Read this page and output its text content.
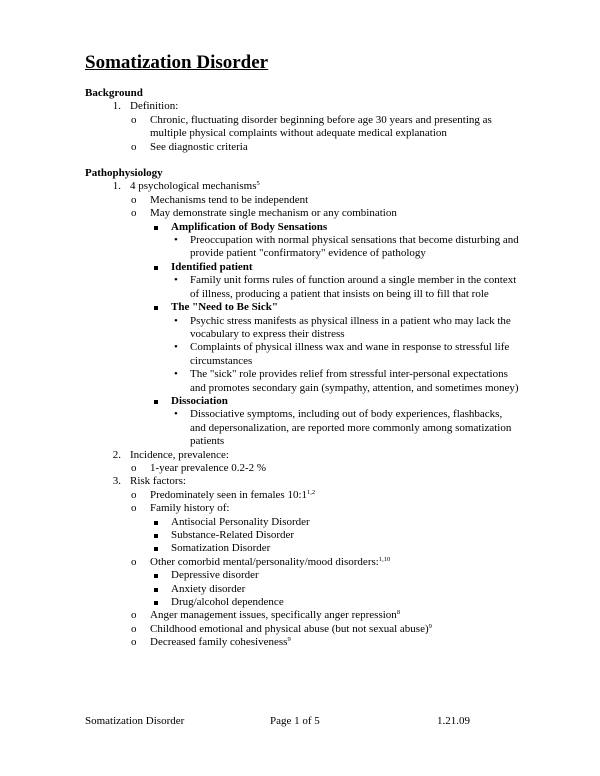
Somatization Disorder

Background

1. Definition:
o Chronic, fluctuating disorder beginning before age 30 years and presenting as multiple physical complaints without adequate medical explanation
o See diagnostic criteria

Pathophysiology

1. 4 psychological mechanisms$^5$
o Mechanisms tend to be independent
o May demonstrate single mechanism or any combination
Amplification of Body Sensations
• Preoccupation with normal physical sensations that become disturbing and provide patient "confirmatory" evidence of pathology
Identified patient
• Family unit forms rules of function around a single member in the context of illness, producing a patient that insists on being ill to fill that role
The "Need to Be Sick"
• Psychic stress manifests as physical illness in a patient who may lack the vocabulary to express their distress
• Complaints of physical illness wax and wane in response to stressful life circumstances
• The "sick" role provides relief from stressful inter-personal expectations and promotes secondary gain (sympathy, attention, and sometimes money)
Dissociation
• Dissociative symptoms, including out of body experiences, flashbacks, and depersonalization, are reported more commonly among somatization patients
2. Incidence, prevalence:
o 1-year prevalence 0.2-2 %
3. Risk factors:
o Predominately seen in females 10:1$^{1,2}$
o Family history of:
Antisocial Personality Disorder
Substance-Related Disorder
Somatization Disorder
o Other comorbid mental/personality/mood disorders:$^{1,10}$
Depressive disorder
Anxiety disorder
Drug/alcohol dependence
o Anger management issues, specifically anger repression$^8$
o Childhood emotional and physical abuse (but not sexual abuse)$^9$
o Decreased family cohesiveness$^9$
Somatization Disorder	Page 1 of 5	1.21.09
